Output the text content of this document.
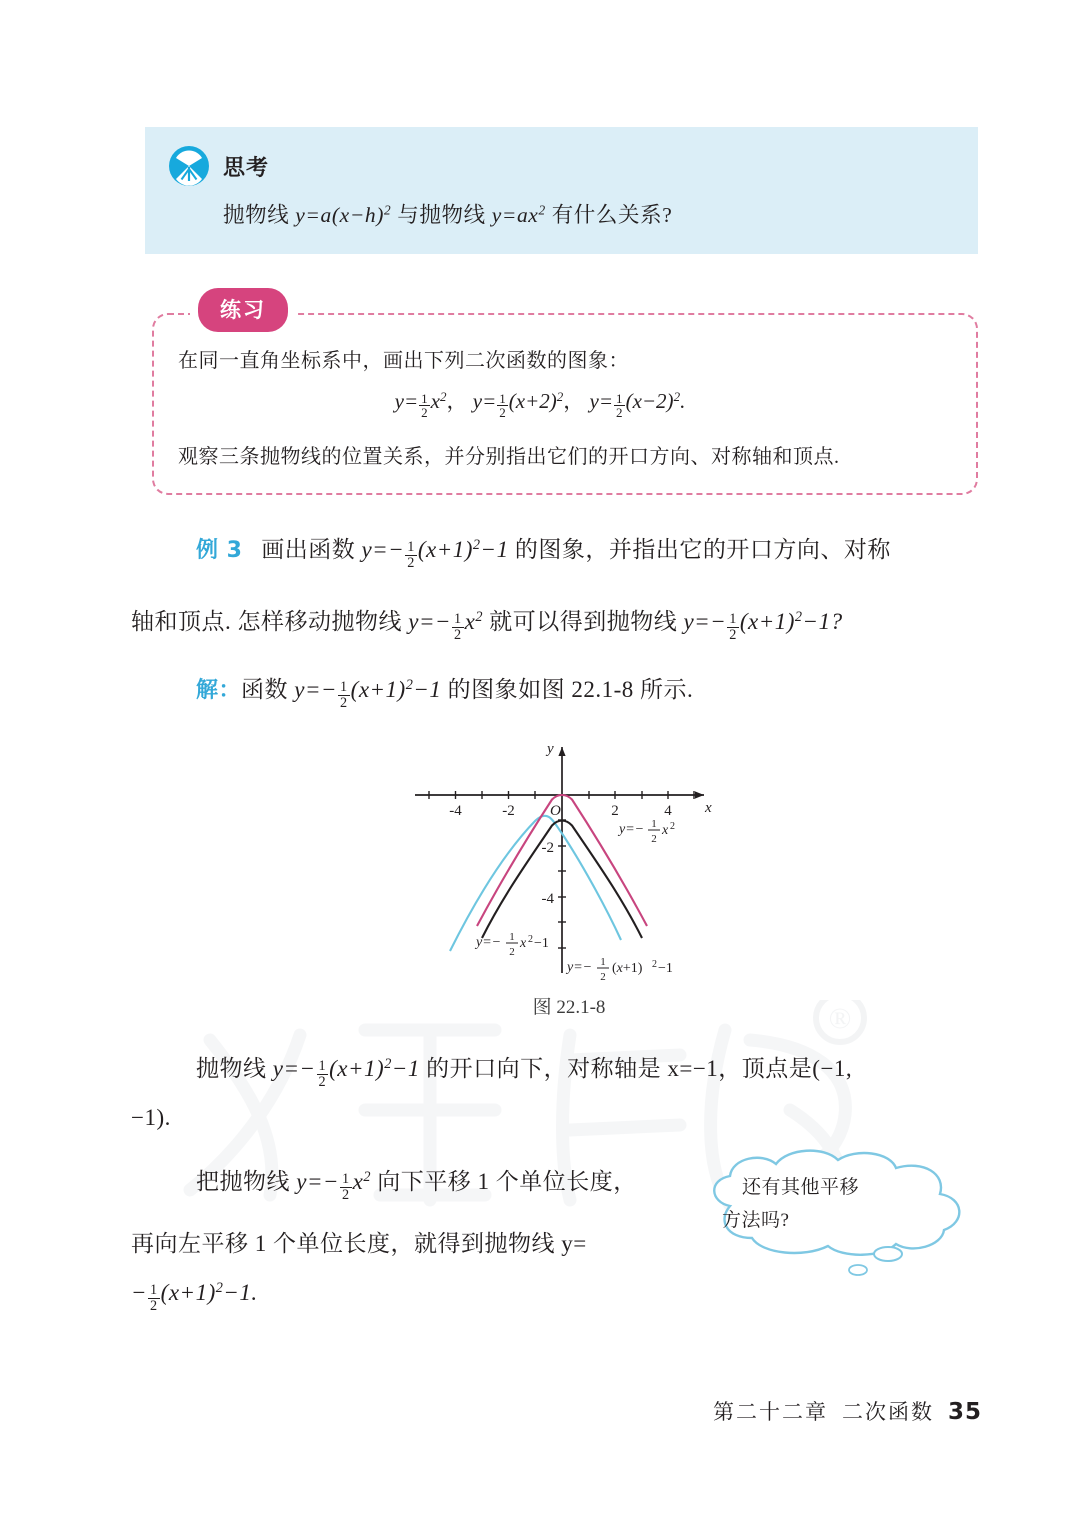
®
思考
抛物线 $y=a(x-h)^2$ 与抛物线 $y=ax^2$ 有什么关系?
练习
在同一直角坐标系中，画出下列二次函数的图象：
$y= \frac{1}{2} x^2$， $y= \frac{1}{2} (x+2)^2$， $y= \frac{1}{2} (x-2)^2$.
观察三条抛物线的位置关系，并分别指出它们的开口方向、对称轴和顶点.
例 3 画出函数 $y=- \frac{1}{2} (x+1)^2-1$ 的图象，并指出它的开口方向、对称
轴和顶点. 怎样移动抛物线 $y=- \frac{1}{2} x^2$ 就可以得到抛物线 $y=- \frac{1}{2} (x+1)^2-1$?
解：函数 $y=- \frac{1}{2} (x+1)^2-1$ 的图象如图 22.1-8 所示.
x
y
O
-4	-2	2	4
-2
-4
y=− 1
2
x 2
y=− 1
2
x 2 −1
y=− 1
2
(x+1) 2 −1
图 22.1-8
抛物线 $y=- \frac{1}{2} (x+1)^2-1$ 的开口向下，对称轴是 x=−1，顶点是(−1,
−1).
把抛物线 $y=- \frac{1}{2} x^2$ 向下平移 1 个单位长度，
再向左平移 1 个单位长度，就得到抛物线 y=
− $\frac{1}{2} (x+1)^2-1$.
还有其他平移
方法吗?
第二十二章 二次函数 35
